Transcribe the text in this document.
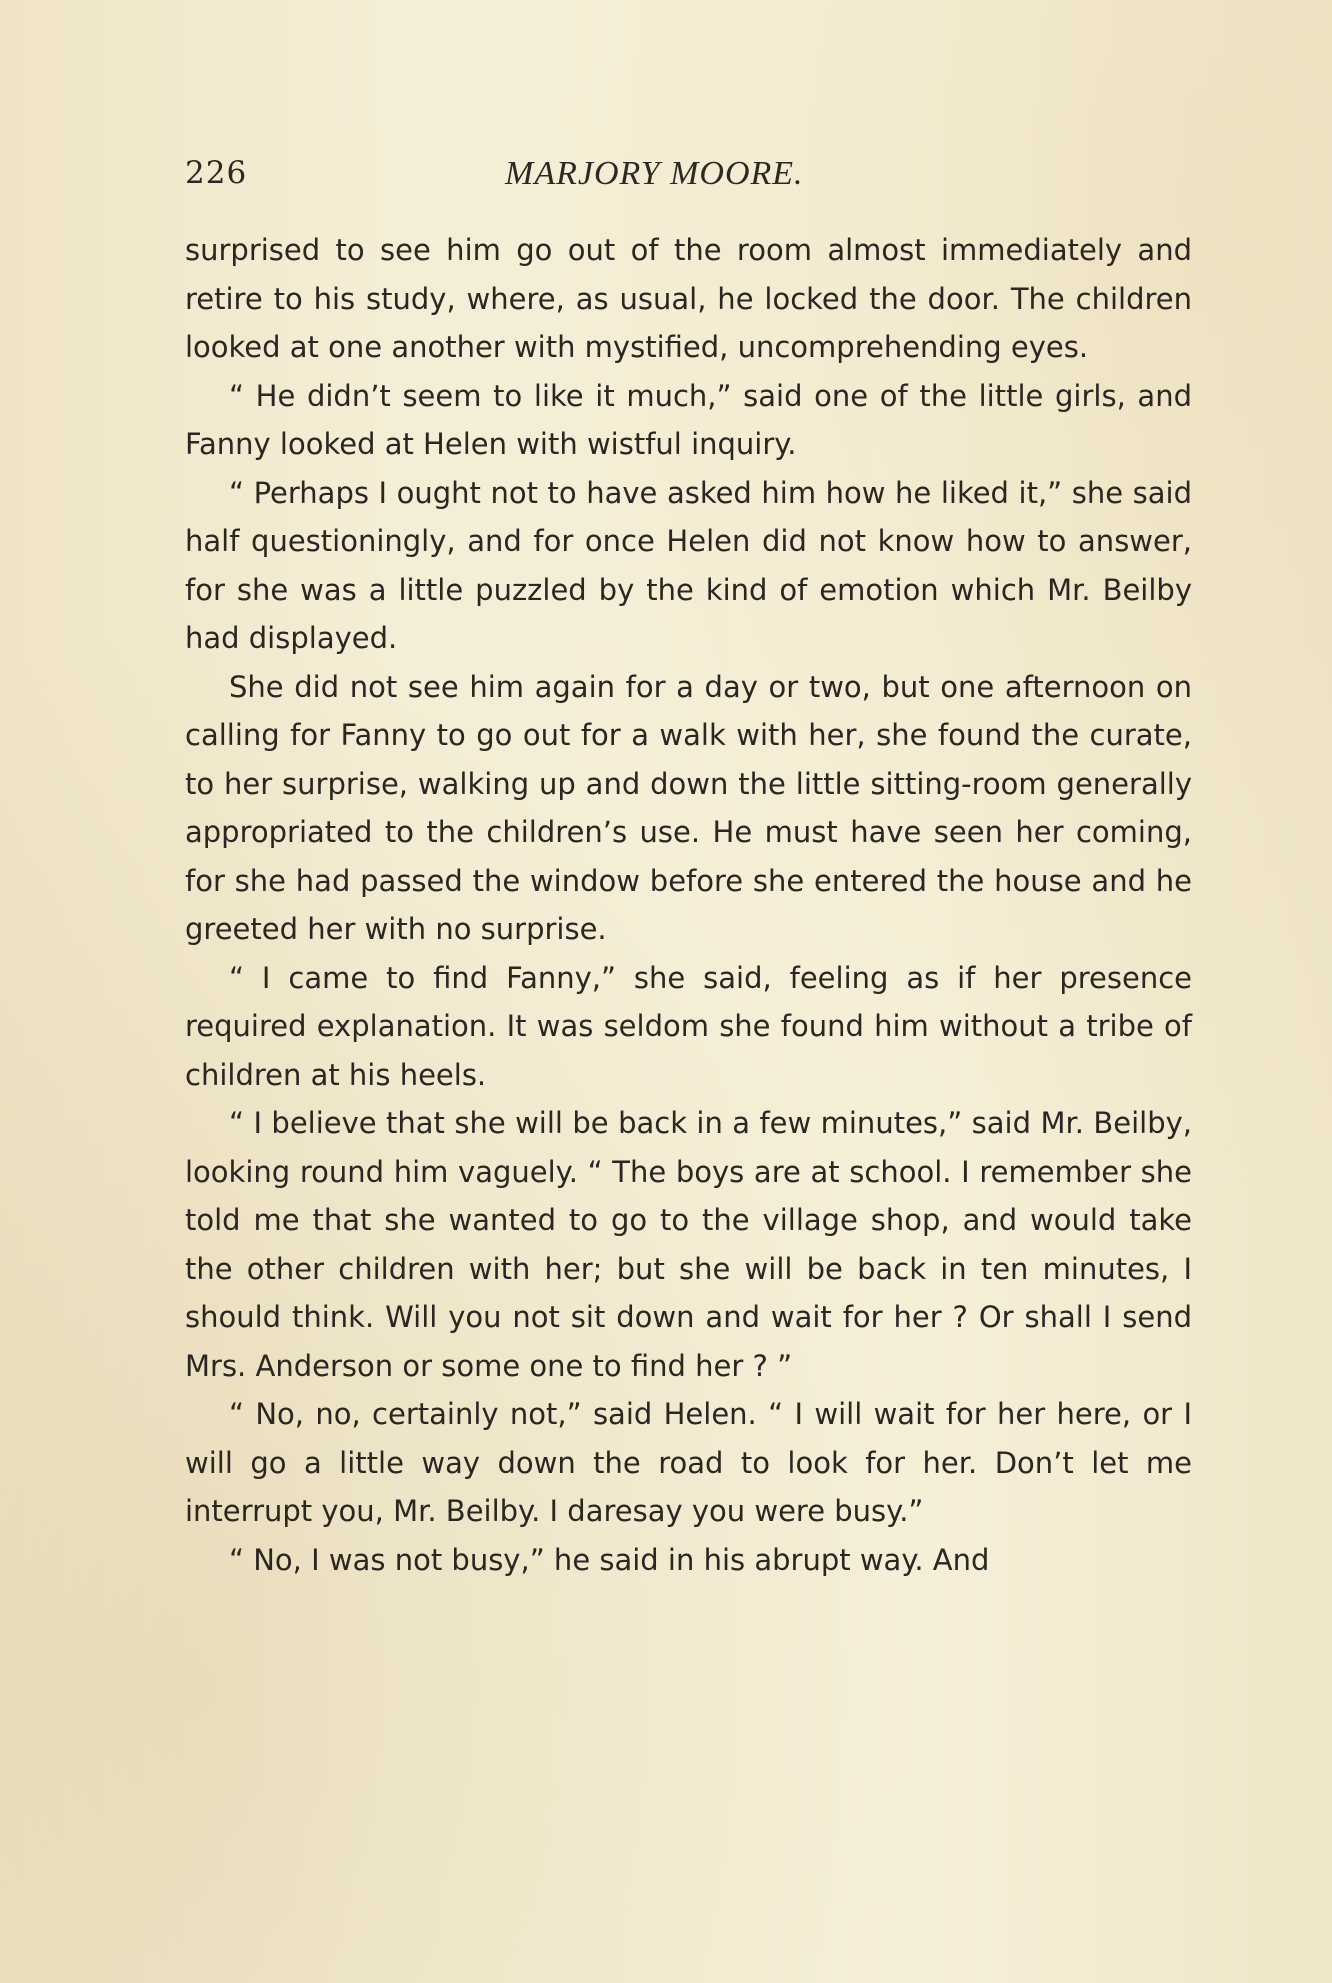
226	MARJORY MOORE.

surprised to see him go out of the room almost immediately and retire to his study, where, as usual, he locked the door. The children looked at one another with mystified, uncomprehending eyes.

“ He didn’t seem to like it much,” said one of the little girls, and Fanny looked at Helen with wistful inquiry.

“ Perhaps I ought not to have asked him how he liked it,” she said half questioningly, and for once Helen did not know how to answer, for she was a little puzzled by the kind of emotion which Mr. Beilby had displayed.

She did not see him again for a day or two, but one afternoon on calling for Fanny to go out for a walk with her, she found the curate, to her surprise, walking up and down the little sitting-room generally appropriated to the children’s use. He must have seen her coming, for she had passed the window before she entered the house and he greeted her with no surprise.

“ I came to find Fanny,” she said, feeling as if her presence required explanation. It was seldom she found him without a tribe of children at his heels.

“ I believe that she will be back in a few minutes,” said Mr. Beilby, looking round him vaguely. “ The boys are at school. I remember she told me that she wanted to go to the village shop, and would take the other children with her; but she will be back in ten minutes, I should think. Will you not sit down and wait for her ? Or shall I send Mrs. Anderson or some one to find her ? ”

“ No, no, certainly not,” said Helen. “ I will wait for her here, or I will go a little way down the road to look for her. Don’t let me interrupt you, Mr. Beilby. I daresay you were busy.”

“ No, I was not busy,” he said in his abrupt way. And
